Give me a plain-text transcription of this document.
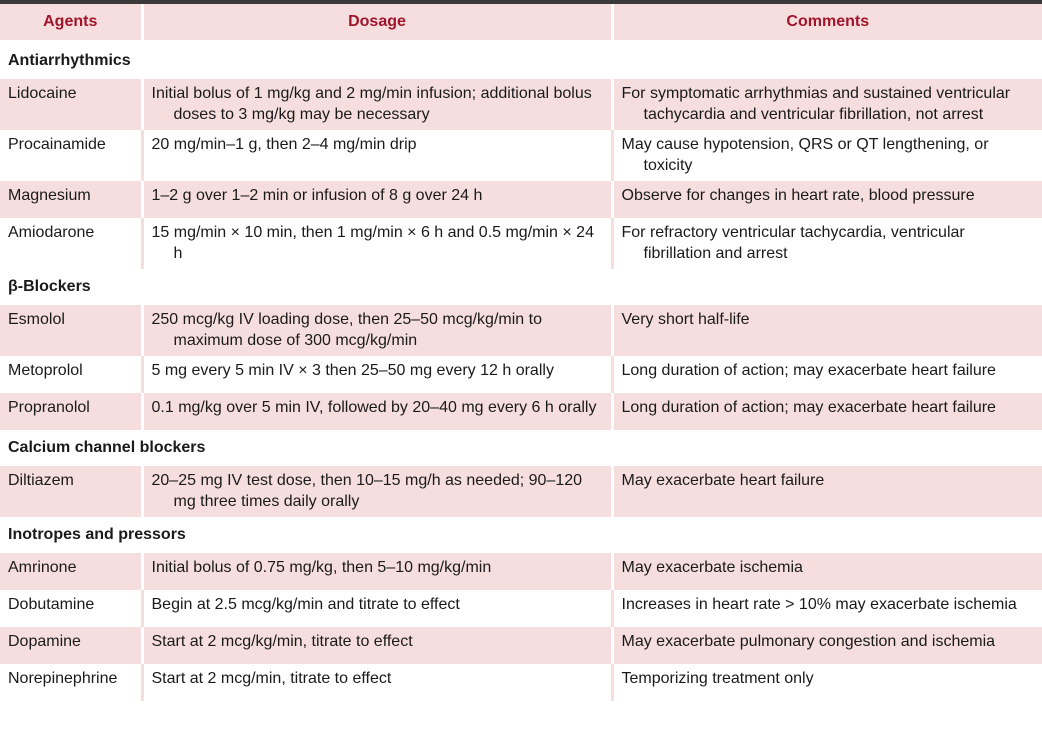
Agents	Dosage	Comments
Antiarrhythmics		
Lidocaine	Initial bolus of 1 mg/kg and 2 mg/min infusion; additional bolus doses to 3 mg/kg may be necessary	For symptomatic arrhythmias and sustained ventricular tachycardia and ventricular fibrillation, not arrest

Procainamide	20 mg/min–1 g, then 2–4 mg/min drip	May cause hypotension, QRS or QT lengthening, or toxicity

Magnesium	1–2 g over 1–2 min or infusion of 8 g over 24 h	Observe for changes in heart rate, blood pressure

Amiodarone	15 mg/min × 10 min, then 1 mg/min × 6 h and 0.5 mg/min × 24 h	For refractory ventricular tachycardia, ventricular fibrillation and arrest

β-Blockers		
Esmolol	250 mcg/kg IV loading dose, then 25–50 mcg/kg/min to maximum dose of 300 mcg/kg/min	Very short half-life

Metoprolol	5 mg every 5 min IV × 3 then 25–50 mg every 12 h orally	Long duration of action; may exacerbate heart failure

Propranolol	0.1 mg/kg over 5 min IV, followed by 20–40 mg every 6 h orally	Long duration of action; may exacerbate heart failure

Calcium channel blockers		
Diltiazem	20–25 mg IV test dose, then 10–15 mg/h as needed; 90–120 mg three times daily orally	May exacerbate heart failure

Inotropes and pressors		
Amrinone	Initial bolus of 0.75 mg/kg, then 5–10 mg/kg/min	May exacerbate ischemia

Dobutamine	Begin at 2.5 mcg/kg/min and titrate to effect	Increases in heart rate > 10% may exacerbate ischemia

Dopamine	Start at 2 mcg/kg/min, titrate to effect	May exacerbate pulmonary congestion and ischemia

Norepinephrine	Start at 2 mcg/min, titrate to effect	Temporizing treatment only
